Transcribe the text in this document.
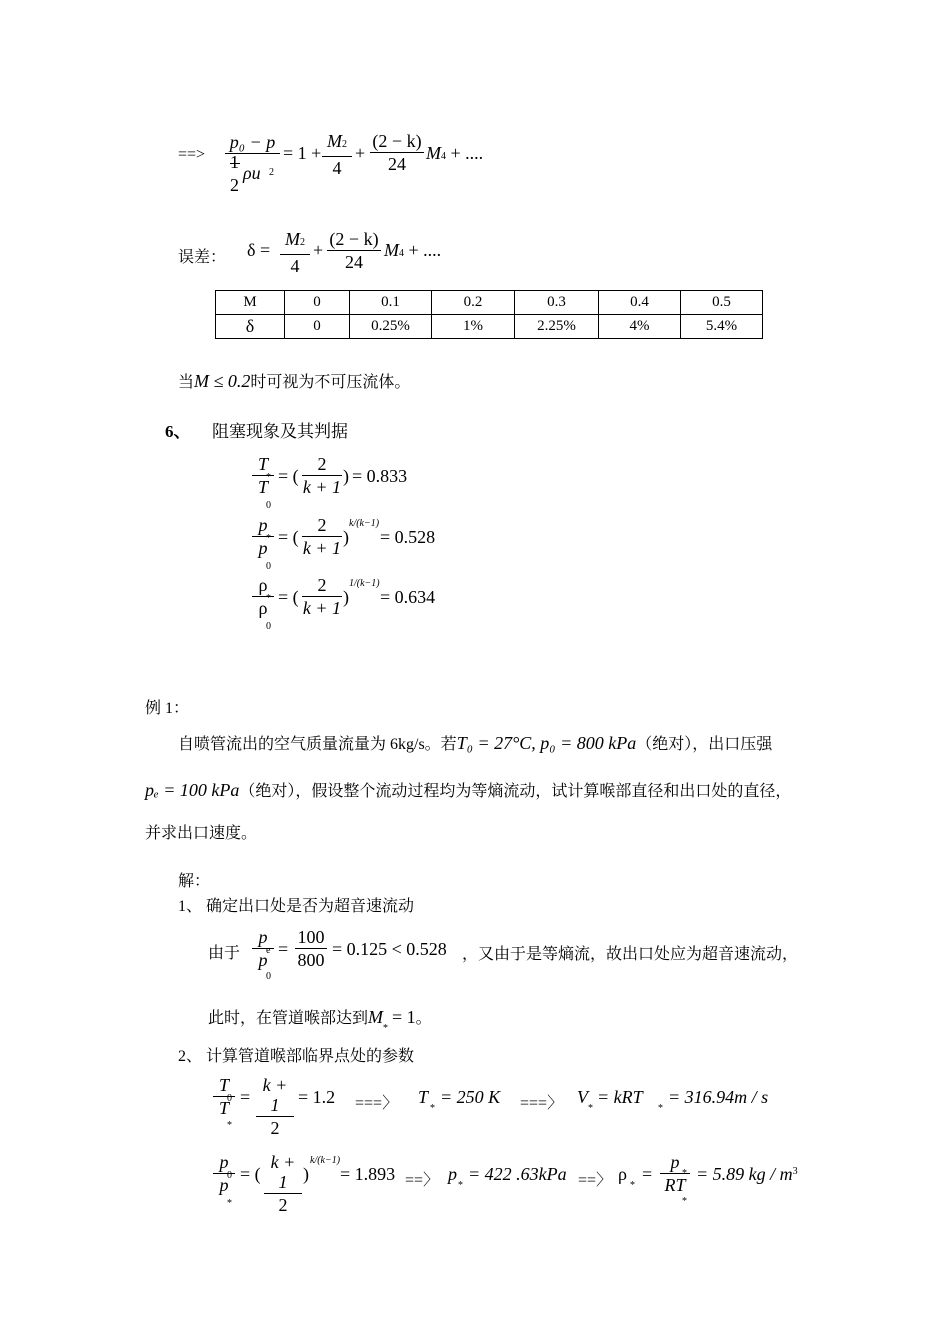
==>
p₀ − p
1
2
ρu 2
= 1 +
M2
4
+
(2 − k)
24
M4 + ....
误差： δ =
M2
4
+
(2 − k)
24
M4 + ....
M	0	0.1	0.2	0.3	0.4	0.5
δ	0	0.25%	1%	2.25%	4%	5.4%
当M ≤ 0.2时可视为不可压流体。
6、 阻塞现象及其判据
T
T
*
0
= (
2
k + 1
) = 0.833
p
p
*
0
= (
2
k + 1
)
k/(k−1)
= 0.528
ρ
ρ
*
0
= (
2
k + 1
)
1/(k−1)
= 0.634
例 1：
自喷管流出的空气质量流量为 6kg/s。若T₀ = 27°C, p₀ = 800 kPa（绝对），出口压强
pₑ = 100 kPa（绝对），假设整个流动过程均为等熵流动，试计算喉部直径和出口处的直径，
并求出口速度。
解：
1、 确定出口处是否为超音速流动
由于
p
p
e
0
=
100
800
= 0.125 < 0.528 ，又由于是等熵流，故出口处应为超音速流动，
此时，在管道喉部达到$M_* = 1$。
2、 计算管道喉部临界点处的参数
T
T
0
*
=
k + 1
2
= 1.2 ===〉 T
*
= 250 K ===〉 V
*
= kRT
*
= 316.94m / s
p
p
0
*
= (
k + 1
2
)
k/(k−1)
= 1.893 ==〉 p
*
= 422 .63kPa ==〉 ρ
*
=
p
RT
*
*
= 5.89 kg / $m^3$
